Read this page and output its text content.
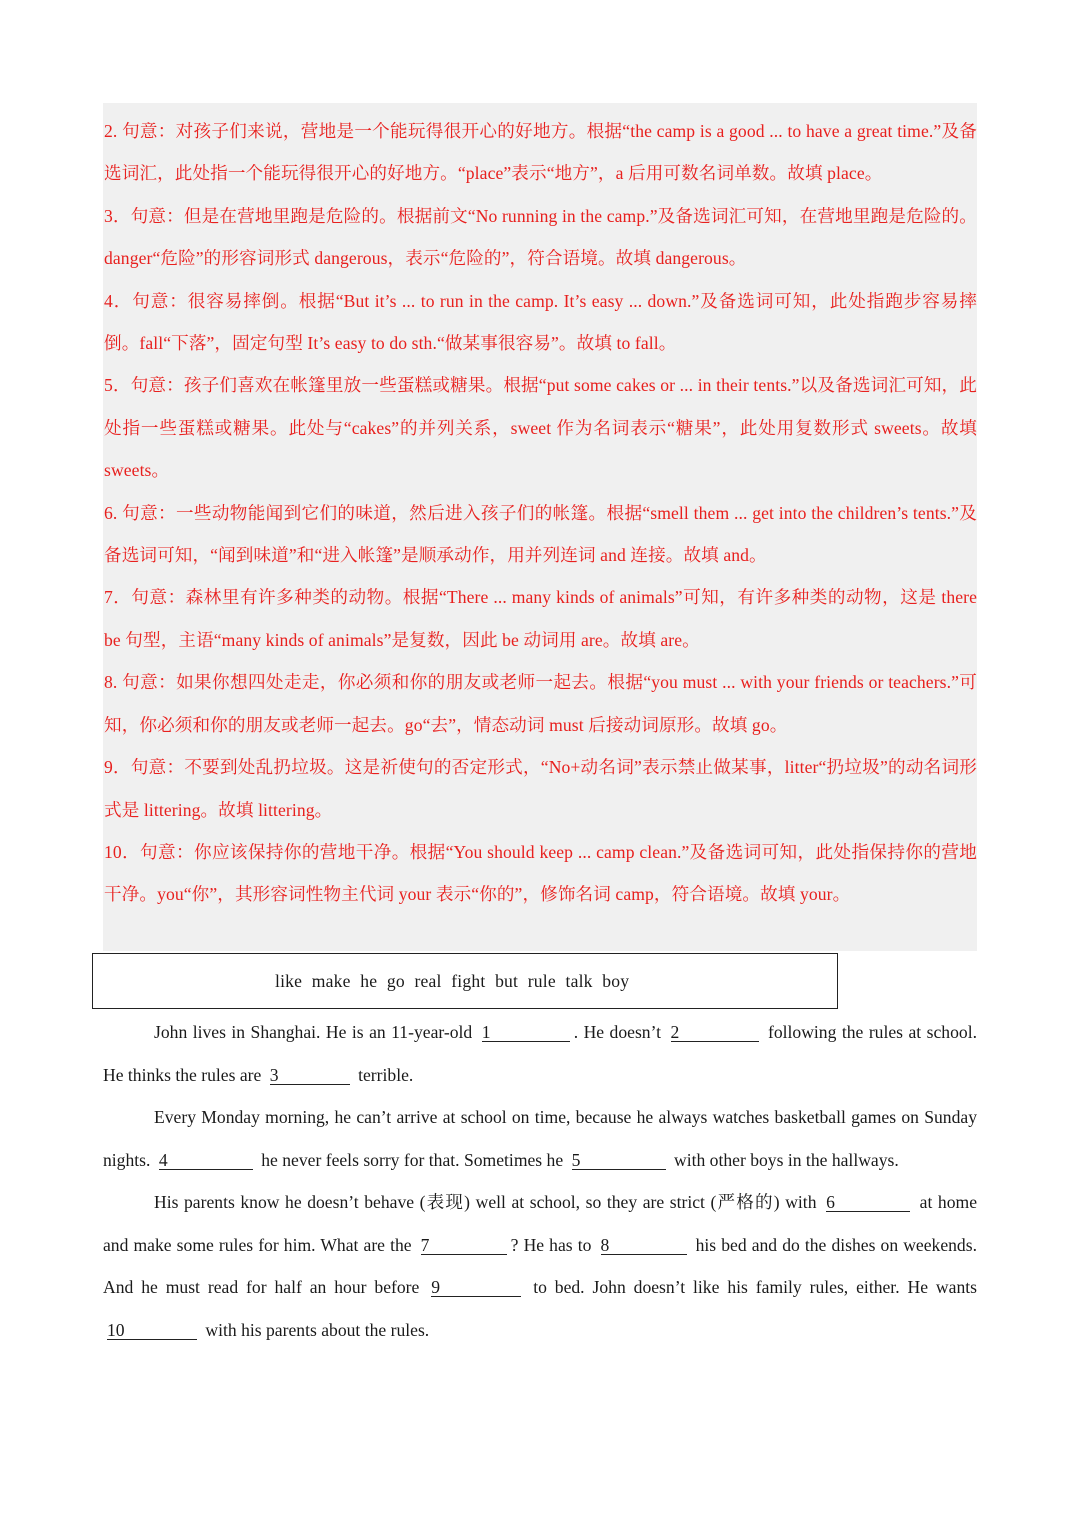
2. 句意：对孩子们来说，营地是一个能玩得很开心的好地方。根据“the camp is a good ... to have a great time.”及备选词汇，此处指一个能玩得很开心的好地方。“place”表示“地方”，a 后用可数名词单数。故填 place。

3．句意：但是在营地里跑是危险的。根据前文“No running in the camp.”及备选词汇可知，在营地里跑是危险的。danger“危险”的形容词形式 dangerous，表示“危险的”，符合语境。故填 dangerous。

4．句意：很容易摔倒。根据“But it’s ... to run in the camp. It’s easy ... down.”及备选词可知，此处指跑步容易摔倒。fall“下落”，固定句型 It’s easy to do sth.“做某事很容易”。故填 to fall。

5．句意：孩子们喜欢在帐篷里放一些蛋糕或糖果。根据“put some cakes or ... in their tents.”以及备选词汇可知，此处指一些蛋糕或糖果。此处与“cakes”的并列关系，sweet 作为名词表示“糖果”，此处用复数形式 sweets。故填 sweets。

6. 句意：一些动物能闻到它们的味道，然后进入孩子们的帐篷。根据“smell them ... get into the children’s tents.”及备选词可知，“闻到味道”和“进入帐篷”是顺承动作，用并列连词 and 连接。故填 and。

7．句意：森林里有许多种类的动物。根据“There ... many kinds of animals”可知，有许多种类的动物，这是 there be 句型，主语“many kinds of animals”是复数，因此 be 动词用 are。故填 are。

8. 句意：如果你想四处走走，你必须和你的朋友或老师一起去。根据“you must ... with your friends or teachers.”可知，你必须和你的朋友或老师一起去。go“去”，情态动词 must 后接动词原形。故填 go。

9．句意：不要到处乱扔垃圾。这是祈使句的否定形式，“No+动名词”表示禁止做某事，litter“扔垃圾”的动名词形式是 littering。故填 littering。

10．句意：你应该保持你的营地干净。根据“You should keep ... camp clean.”及备选词可知，此处指保持你的营地干净。you“你”，其形容词性物主代词 your 表示“你的”，修饰名词 camp，符合语境。故填 your。

like make he go real fight but rule talk boy

John lives in Shanghai. He is an 11-year-old 1	. He doesn’t 2	following the rules at school. He thinks the rules are 3	terrible.

Every Monday morning, he can’t arrive at school on time, because he always watches basketball games on Sunday nights. 4	he never feels sorry for that. Sometimes he 5	with other boys in the hallways.

His parents know he doesn’t behave (表现) well at school, so they are strict (严格的) with 6	at home and make some rules for him. What are the 7	? He has to 8	his bed and do the dishes on weekends. And he must read for half an hour before 9	to bed. John doesn’t like his family rules, either. He wants 10	with his parents about the rules.
